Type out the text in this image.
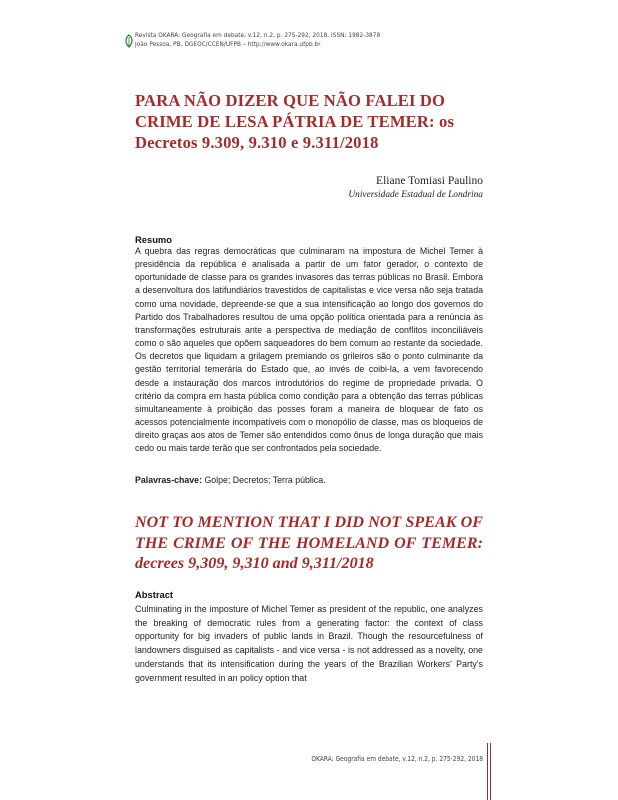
Revista OKARA: Geografia em debate, v.12, n.2, p. 275-292, 2018. ISSN: 1982-3878
João Pessoa, PB, DGEOC/CCEN/UFPB – http://www.okara.ufpb.br
PARA NÃO DIZER QUE NÃO FALEI DO CRIME DE LESA PÁTRIA DE TEMER: os Decretos 9.309, 9.310 e 9.311/2018
Eliane Tomiasi Paulino
Universidade Estadual de Londrina
Resumo

A quebra das regras democráticas que culminaram na impostura de Michel Temer à presidência da república é analisada a partir de um fator gerador, o contexto de oportunidade de classe para os grandes invasores das terras públicas no Brasil. Embora a desenvoltura dos latifundiários travestidos de capitalistas e vice versa não seja tratada como uma novidade, depreende-se que a sua intensificação ao longo dos governos do Partido dos Trabalhadores resultou de uma opção política orientada para a renúncia às transformações estruturais ante a perspectiva de mediação de conflitos inconciliáveis como o são aqueles que opõem saqueadores do bem comum ao restante da sociedade. Os decretos que liquidam a grilagem premiando os grileiros são o ponto culminante da gestão territorial temerária do Estado que, ao invés de coibi-la, a vem favorecendo desde a instauração dos marcos introdutórios do regime de propriedade privada. O critério da compra em hasta pública como condição para a obtenção das terras públicas simultaneamente à proibição das posses foram a maneira de bloquear de fato os acessos potencialmente incompatíveis com o monopólio de classe, mas os bloqueios de direito graças aos atos de Temer são entendidos como ônus de longa duração que mais cedo ou mais tarde terão que ser confrontados pela sociedade.

Palavras-chave: Golpe; Decretos; Terra pública.
NOT TO MENTION THAT I DID NOT SPEAK OF THE CRIME OF THE HOMELAND OF TEMER: decrees 9,309, 9,310 and 9,311/2018
Abstract

Culminating in the imposture of Michel Temer as president of the republic, one analyzes the breaking of democratic rules from a generating factor: the context of class opportunity for big invaders of public lands in Brazil. Though the resourcefulness of landowners disguised as capitalists - and vice versa - is not addressed as a novelty, one understands that its intensification during the years of the Brazilian Workers' Party's government resulted in an policy option that

OKARA: Geografia em debate, v.12, n.2, p. 275-292, 2018
